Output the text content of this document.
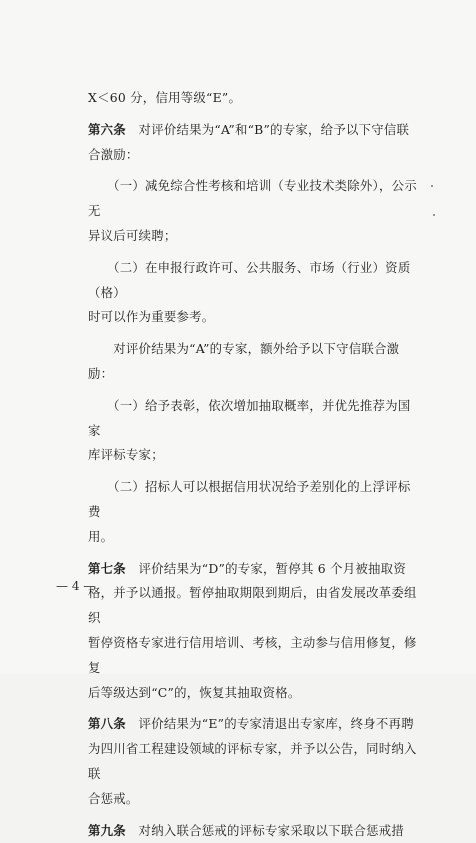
X＜60 分，信用等级“E”。

第六条　对评价结果为“A”和“B”的专家，给予以下守信联

合激励：

　　（一）减免综合性考核和培训（专业技术类除外），公示无

异议后可续聘；

　　（二）在申报行政许可、公共服务、市场（行业）资质（格）

时可以作为重要参考。

　　对评价结果为“A”的专家，额外给予以下守信联合激励：

　　（一）给予表彰，依次增加抽取概率，并优先推荐为国家

库评标专家；

　　（二）招标人可以根据信用状况给予差别化的上浮评标费

用。

第七条　评价结果为“D”的专家，暂停其 6 个月被抽取资

格，并予以通报。暂停抽取期限到期后，由省发展改革委组织

暂停资格专家进行信用培训、考核，主动参与信用修复，修复

后等级达到“C”的，恢复其抽取资格。

第八条　评价结果为“E”的专家清退出专家库，终身不再聘

为四川省工程建设领域的评标专家，并予以公告，同时纳入联

合惩戒。

第九条　对纳入联合惩戒的评标专家采取以下联合惩戒措

— 4 —
